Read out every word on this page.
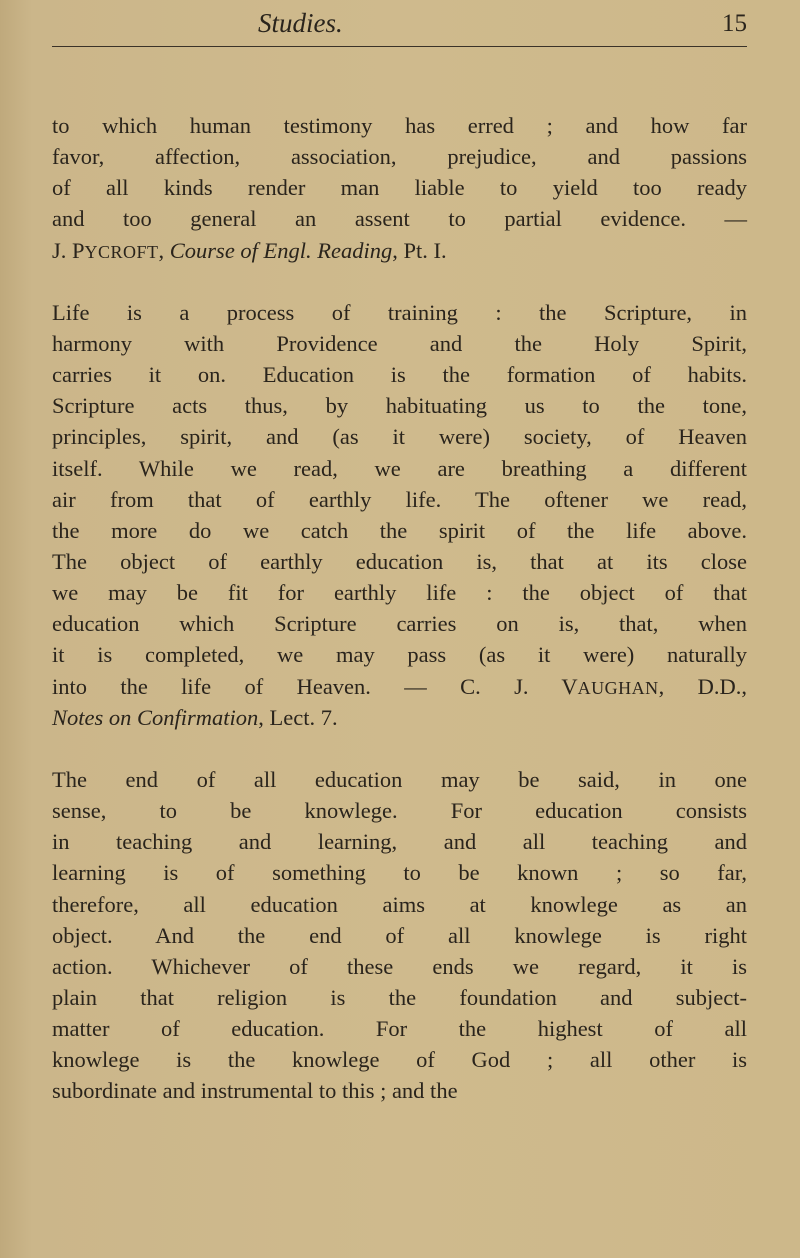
Studies.	15
to which human testimony has erred ; and how far
favor, affection, association, prejudice, and passions
of all kinds render man liable to yield too ready
and too general an assent to partial evidence. —
J. PYCROFT, Course of Engl. Reading, Pt. I.
Life is a process of training : the Scripture, in
harmony with Providence and the Holy Spirit,
carries it on. Education is the formation of habits.
Scripture acts thus, by habituating us to the tone,
principles, spirit, and (as it were) society, of Heaven
itself. While we read, we are breathing a different
air from that of earthly life. The oftener we read,
the more do we catch the spirit of the life above.
The object of earthly education is, that at its close
we may be fit for earthly life : the object of that
education which Scripture carries on is, that, when
it is completed, we may pass (as it were) naturally
into the life of Heaven. — C. J. VAUGHAN, D.D.,
Notes on Confirmation, Lect. 7.
The end of all education may be said, in one
sense, to be knowlege. For education consists
in teaching and learning, and all teaching and
learning is of something to be known ; so far,
therefore, all education aims at knowlege as an
object. And the end of all knowlege is right
action. Whichever of these ends we regard, it is
plain that religion is the foundation and subject-
matter of education. For the highest of all
knowlege is the knowlege of God ; all other is
subordinate and instrumental to this ; and the
